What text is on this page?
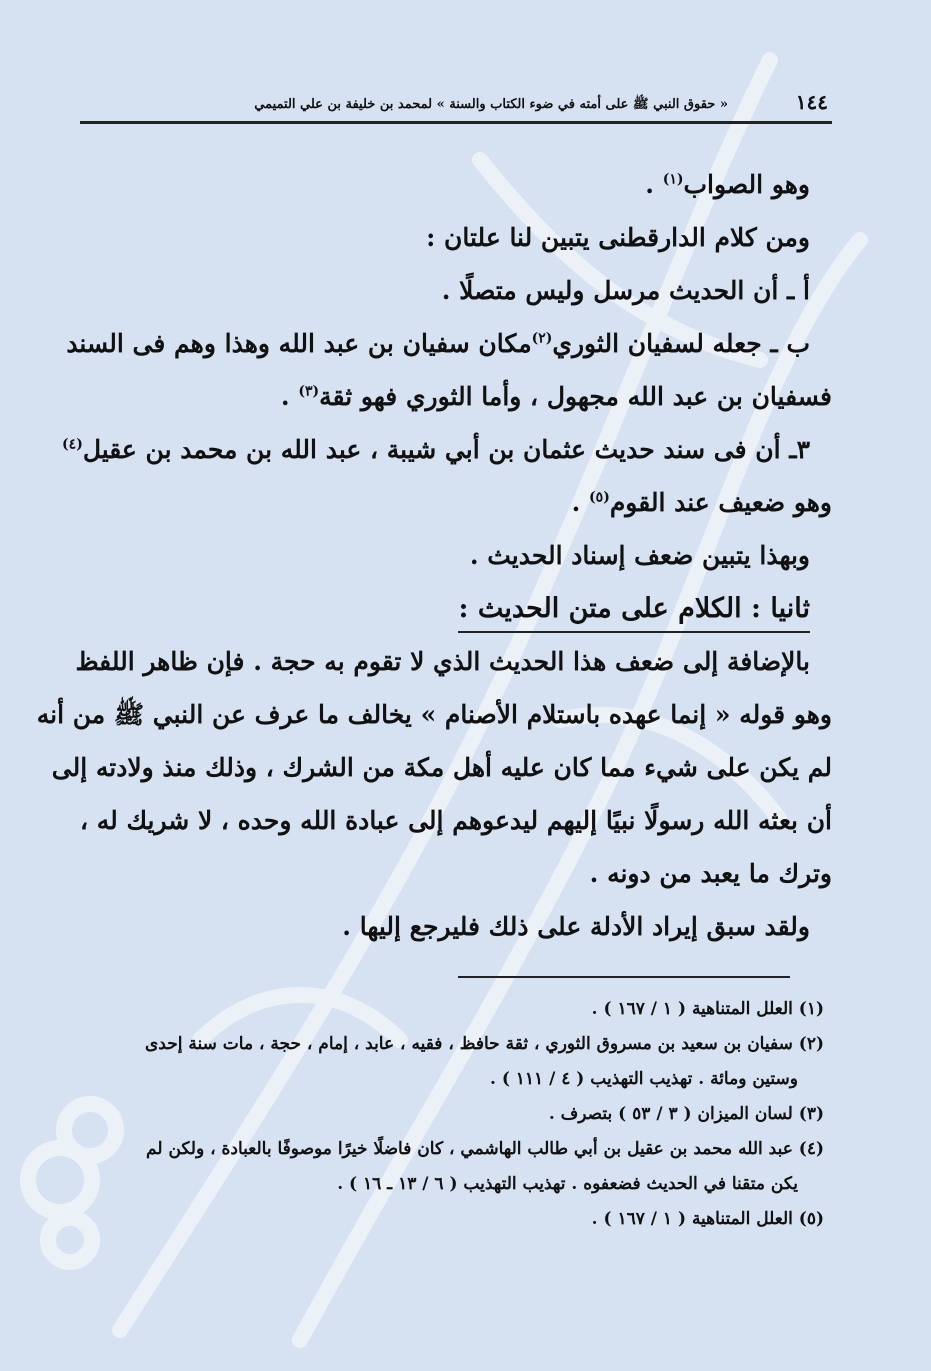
١٤٤
« حقوق النبي ﷺ على أمته في ضوء الكتاب والسنة » لمحمد بن خليفة بن علي التميمي
وهو الصواب$^{(١)}$ .
ومن كلام الدارقطنى يتبين لنا علتان :
أ ـ أن الحديث مرسل وليس متصلًا .
ب ـ جعله لسفيان الثوري$^{(٢)}$مكان سفيان بن عبد الله وهذا وهم فى السند
فسفيان بن عبد الله مجهول ، وأما الثوري فهو ثقة$^{(٣)}$ .
٣ـ أن فى سند حديث عثمان بن أبي شيبة ، عبد الله بن محمد بن عقيل$^{(٤)}$
وهو ضعيف عند القوم$^{(٥)}$ .
وبهذا يتبين ضعف إسناد الحديث .
ثانيا : الكلام على متن الحديث :
بالإضافة إلى ضعف هذا الحديث الذي لا تقوم به حجة . فإن ظاهر اللفظ
وهو قوله « إنما عهده باستلام الأصنام » يخالف ما عرف عن النبي ﷺ من أنه
لم يكن على شيء مما كان عليه أهل مكة من الشرك ، وذلك منذ ولادته إلى
أن بعثه الله رسولًا نبيًا إليهم ليدعوهم إلى عبادة الله وحده ، لا شريك له ،
وترك ما يعبد من دونه .
ولقد سبق إيراد الأدلة على ذلك فليرجع إليها .
(١) العلل المتناهية ( ١ / ١٦٧ ) .
(٢) سفيان بن سعيد بن مسروق الثوري ، ثقة حافظ ، فقيه ، عابد ، إمام ، حجة ، مات سنة إحدى
وستين ومائة . تهذيب التهذيب ( ٤ / ١١١ ) .
(٣) لسان الميزان ( ٣ / ٥٣ ) بتصرف .
(٤) عبد الله محمد بن عقيل بن أبي طالب الهاشمي ، كان فاضلًا خيرًا موصوفًا بالعبادة ، ولكن لم
يكن متقنا في الحديث فضعفوه . تهذيب التهذيب ( ٦ / ١٣ ـ ١٦ ) .
(٥) العلل المتناهية ( ١ / ١٦٧ ) .
